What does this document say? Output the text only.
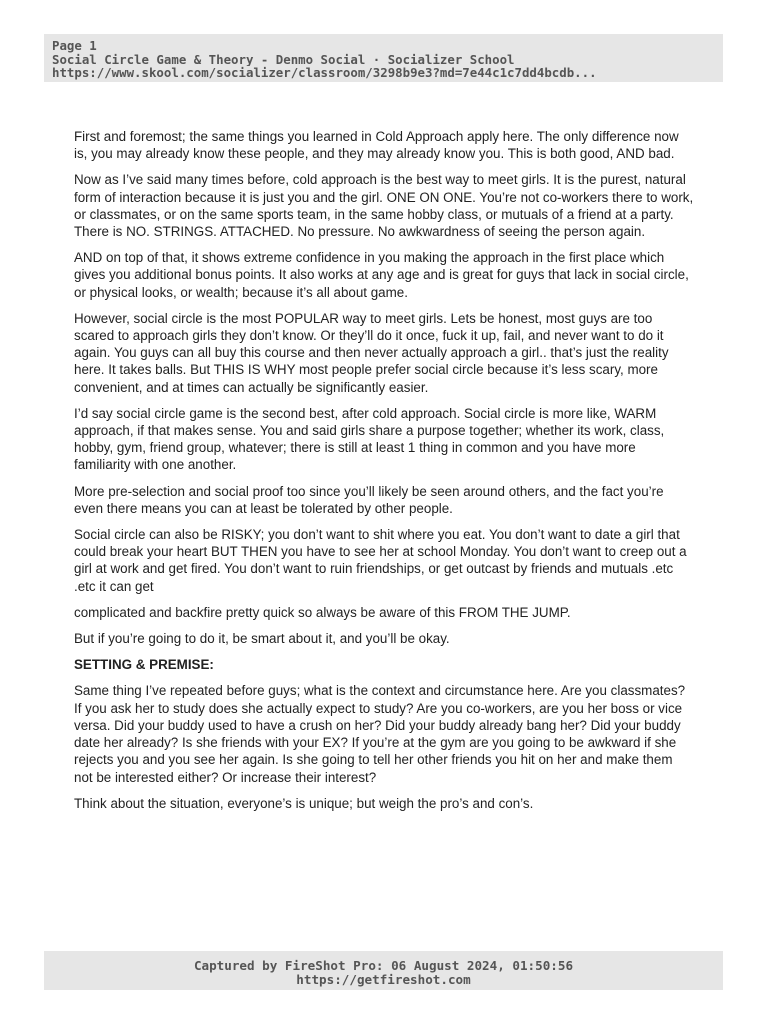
Page 1
Social Circle Game & Theory - Denmo Social · Socializer School
https://www.skool.com/socializer/classroom/3298b9e3?md=7e44c1c7dd4bcdb...

First and foremost; the same things you learned in Cold Approach apply here. The only difference now is, you may already know these people, and they may already know you. This is both good, AND bad.

Now as I’ve said many times before, cold approach is the best way to meet girls. It is the purest, natural form of interaction because it is just you and the girl. ONE ON ONE. You’re not co-workers there to work, or classmates, or on the same sports team, in the same hobby class, or mutuals of a friend at a party. There is NO. STRINGS. ATTACHED. No pressure. No awkwardness of seeing the person again.

AND on top of that, it shows extreme confidence in you making the approach in the first place which gives you additional bonus points. It also works at any age and is great for guys that lack in social circle, or physical looks, or wealth; because it’s all about game.

However, social circle is the most POPULAR way to meet girls. Lets be honest, most guys are too scared to approach girls they don’t know. Or they’ll do it once, fuck it up, fail, and never want to do it again. You guys can all buy this course and then never actually approach a girl.. that’s just the reality here. It takes balls. But THIS IS WHY most people prefer social circle because it’s less scary, more convenient, and at times can actually be significantly easier.

I’d say social circle game is the second best, after cold approach. Social circle is more like, WARM approach, if that makes sense. You and said girls share a purpose together; whether its work, class, hobby, gym, friend group, whatever; there is still at least 1 thing in common and you have more familiarity with one another.

More pre-selection and social proof too since you’ll likely be seen around others, and the fact you’re even there means you can at least be tolerated by other people.

Social circle can also be RISKY; you don’t want to shit where you eat. You don’t want to date a girl that could break your heart BUT THEN you have to see her at school Monday. You don’t want to creep out a girl at work and get fired. You don’t want to ruin friendships, or get outcast by friends and mutuals .etc .etc it can get

complicated and backfire pretty quick so always be aware of this FROM THE JUMP.

But if you’re going to do it, be smart about it, and you’ll be okay.

SETTING & PREMISE:

Same thing I’ve repeated before guys; what is the context and circumstance here. Are you classmates? If you ask her to study does she actually expect to study? Are you co-workers, are you her boss or vice versa. Did your buddy used to have a crush on her? Did your buddy already bang her? Did your buddy date her already? Is she friends with your EX? If you’re at the gym are you going to be awkward if she rejects you and you see her again. Is she going to tell her other friends you hit on her and make them not be interested either? Or increase their interest?

Think about the situation, everyone’s is unique; but weigh the pro’s and con’s.

Captured by FireShot Pro: 06 August 2024, 01:50:56
https://getfireshot.com
